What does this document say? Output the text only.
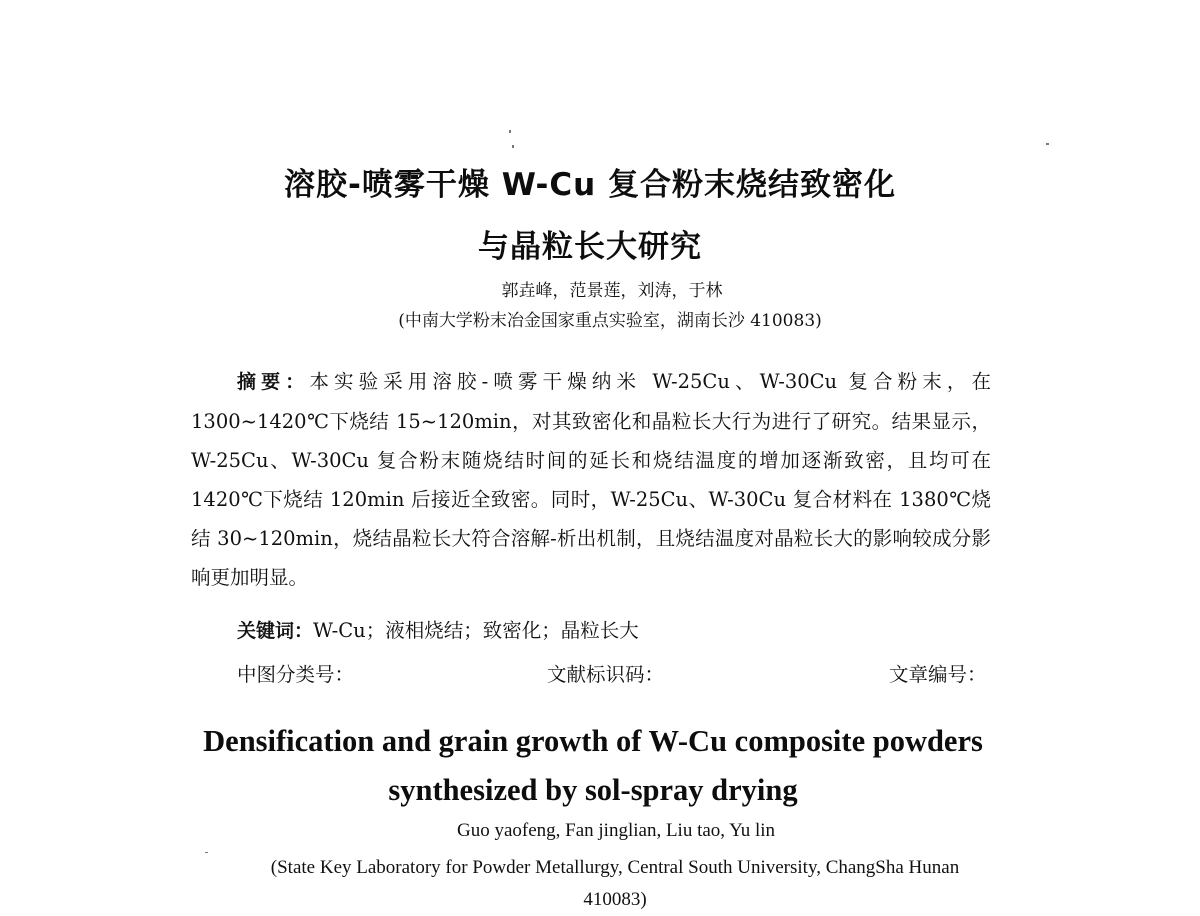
溶胶-喷雾干燥 W-Cu 复合粉末烧结致密化
与晶粒长大研究
郭垚峰，范景莲，刘涛，于林
(中南大学粉末冶金国家重点实验室，湖南长沙 410083)

摘要：本实验采用溶胶-喷雾干燥纳米 W-25Cu、W-30Cu 复合粉末，在 1300~1420℃下烧结 15~120min，对其致密化和晶粒长大行为进行了研究。结果显示，W-25Cu、W-30Cu 复合粉末随烧结时间的延长和烧结温度的增加逐渐致密，且均可在 1420℃下烧结 120min 后接近全致密。同时，W-25Cu、W-30Cu 复合材料在 1380℃烧结 30~120min，烧结晶粒长大符合溶解-析出机制，且烧结温度对晶粒长大的影响较成分影响更加明显。

关键词：W-Cu；液相烧结；致密化；晶粒长大
中图分类号：	文献标识码：	文章编号：
Densification and grain growth of W-Cu composite powders
synthesized by sol-spray drying
Guo yaofeng, Fan jinglian, Liu tao, Yu lin
(State Key Laboratory for Powder Metallurgy, Central South University, ChangSha Hunan 410083)
